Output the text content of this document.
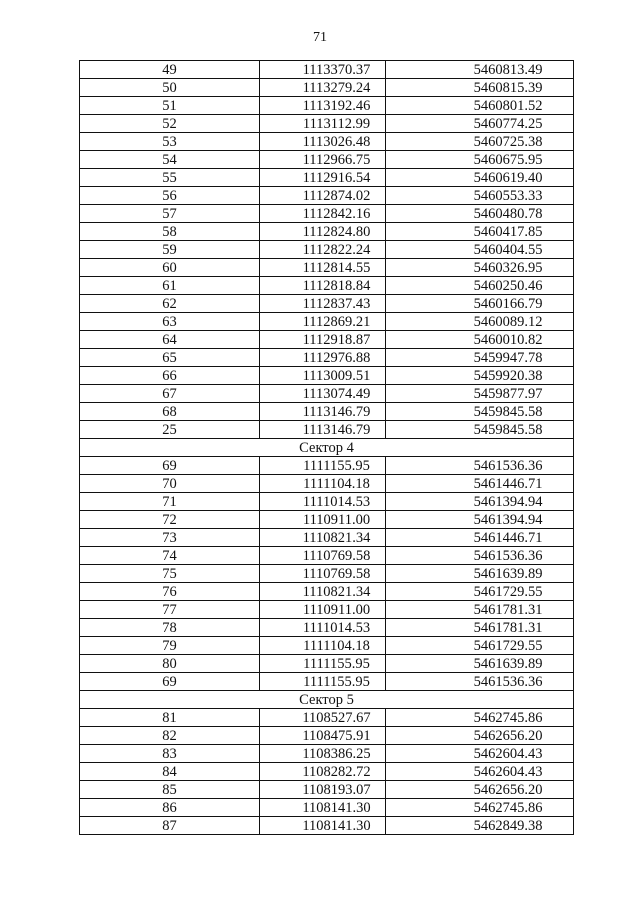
71
49	1113370.37	5460813.49
50	1113279.24	5460815.39
51	1113192.46	5460801.52
52	1113112.99	5460774.25
53	1113026.48	5460725.38
54	1112966.75	5460675.95
55	1112916.54	5460619.40
56	1112874.02	5460553.33
57	1112842.16	5460480.78
58	1112824.80	5460417.85
59	1112822.24	5460404.55
60	1112814.55	5460326.95
61	1112818.84	5460250.46
62	1112837.43	5460166.79
63	1112869.21	5460089.12
64	1112918.87	5460010.82
65	1112976.88	5459947.78
66	1113009.51	5459920.38
67	1113074.49	5459877.97
68	1113146.79	5459845.58
25	1113146.79	5459845.58
Сектор 4		
69	1111155.95	5461536.36
70	1111104.18	5461446.71
71	1111014.53	5461394.94
72	1110911.00	5461394.94
73	1110821.34	5461446.71
74	1110769.58	5461536.36
75	1110769.58	5461639.89
76	1110821.34	5461729.55
77	1110911.00	5461781.31
78	1111014.53	5461781.31
79	1111104.18	5461729.55
80	1111155.95	5461639.89
69	1111155.95	5461536.36
Сектор 5		
81	1108527.67	5462745.86
82	1108475.91	5462656.20
83	1108386.25	5462604.43
84	1108282.72	5462604.43
85	1108193.07	5462656.20
86	1108141.30	5462745.86
87	1108141.30	5462849.38
